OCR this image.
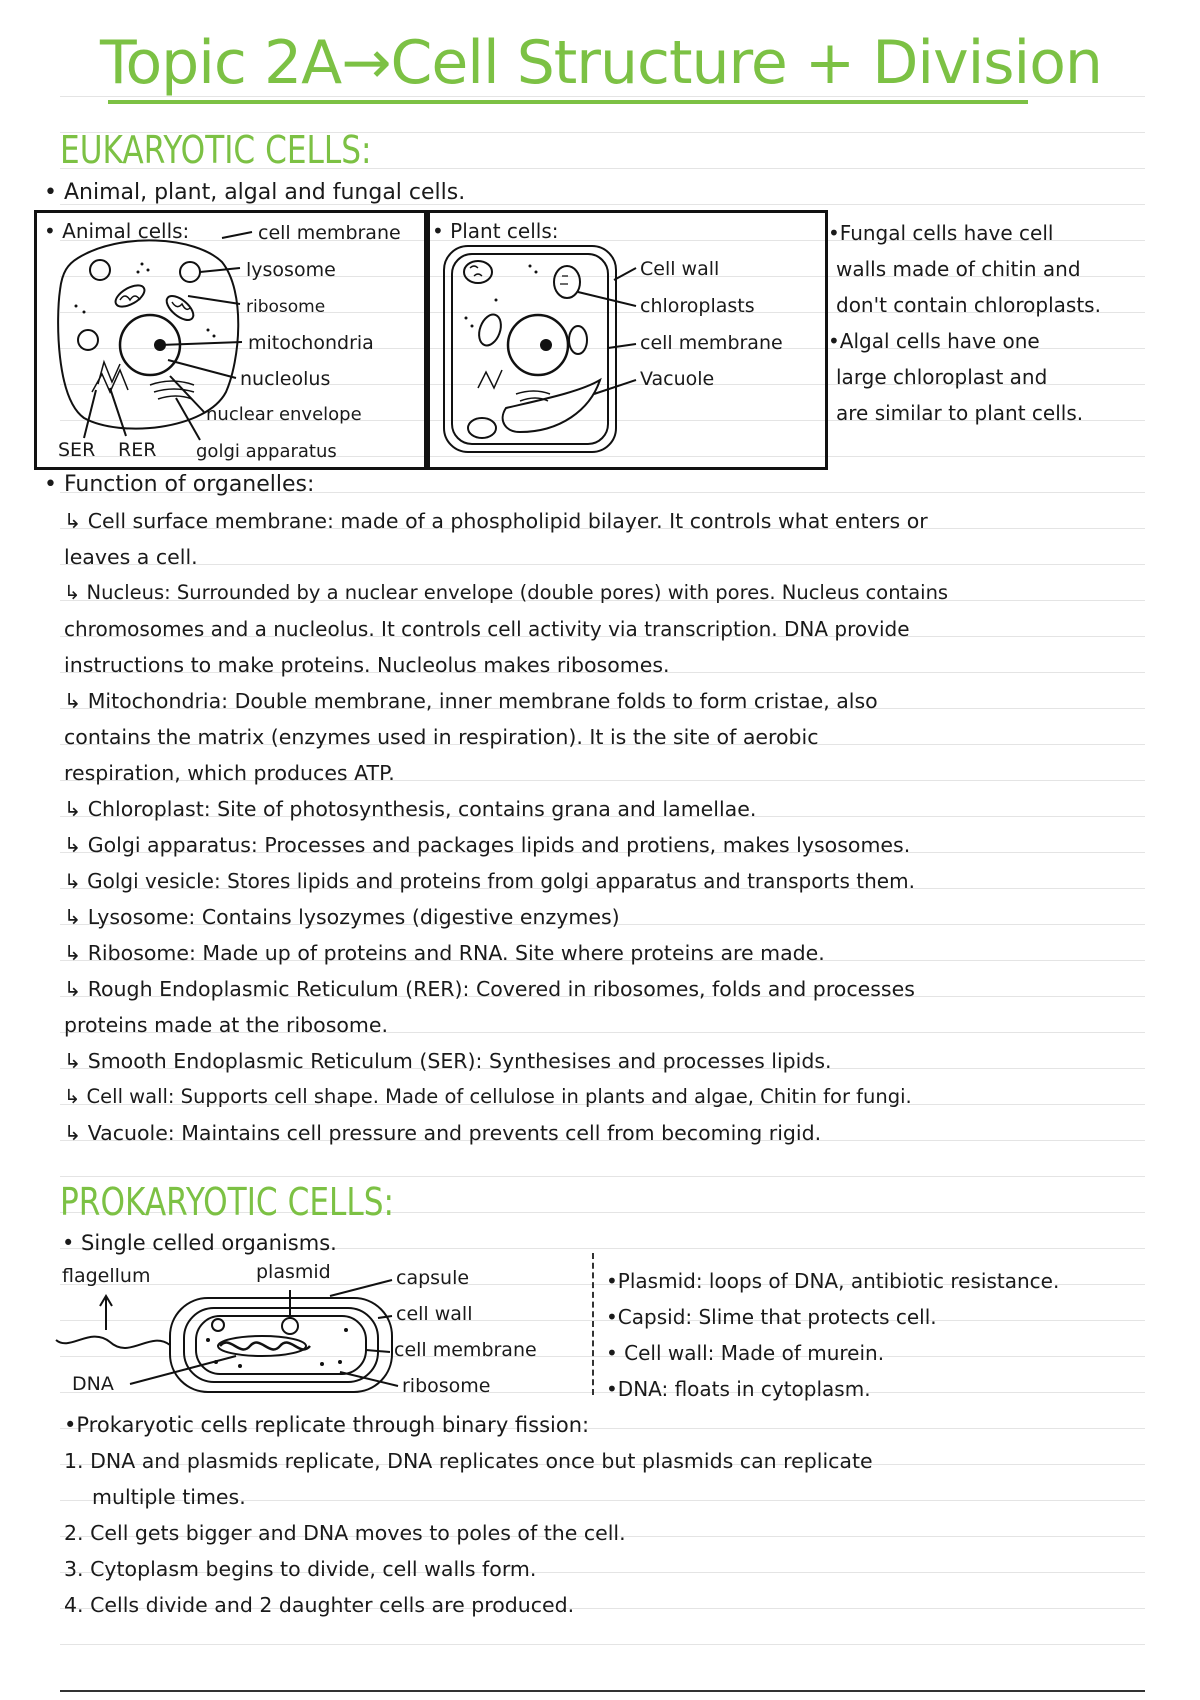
Topic 2A→Cell Structure + Division
EUKARYOTIC CELLS:
• Animal, plant, algal and fungal cells.
• Animal cells:	cell membrane
lysosome
ribosome
mitochondria
nucleolus
nuclear envelope
SER RER golgi apparatus
• Plant cells:
Cell wall
chloroplasts
cell membrane
Vacuole
•Fungal cells have cell
walls made of chitin and
don't contain chloroplasts.
•Algal cells have one
large chloroplast and
are similar to plant cells.
• Function of organelles:
↳ Cell surface membrane: made of a phospholipid bilayer. It controls what enters or
leaves a cell.
↳ Nucleus: Surrounded by a nuclear envelope (double pores) with pores. Nucleus contains
chromosomes and a nucleolus. It controls cell activity via transcription. DNA provide
instructions to make proteins. Nucleolus makes ribosomes.
↳ Mitochondria: Double membrane, inner membrane folds to form cristae, also
contains the matrix (enzymes used in respiration). It is the site of aerobic
respiration, which produces ATP.
↳ Chloroplast: Site of photosynthesis, contains grana and lamellae.
↳ Golgi apparatus: Processes and packages lipids and protiens, makes lysosomes.
↳ Golgi vesicle: Stores lipids and proteins from golgi apparatus and transports them.
↳ Lysosome: Contains lysozymes (digestive enzymes)
↳ Ribosome: Made up of proteins and RNA. Site where proteins are made.
↳ Rough Endoplasmic Reticulum (RER): Covered in ribosomes, folds and processes
proteins made at the ribosome.
↳ Smooth Endoplasmic Reticulum (SER): Synthesises and processes lipids.
↳ Cell wall: Supports cell shape. Made of cellulose in plants and algae, Chitin for fungi.
↳ Vacuole: Maintains cell pressure and prevents cell from becoming rigid.
PROKARYOTIC CELLS:
• Single celled organisms.
flagellum	plasmid	capsule
cell wall
cell membrane
ribosome
DNA
•Plasmid: loops of DNA, antibiotic resistance.
•Capsid: Slime that protects cell.
• Cell wall: Made of murein.
•DNA: floats in cytoplasm.
•Prokaryotic cells replicate through binary fission:
1. DNA and plasmids replicate, DNA replicates once but plasmids can replicate
multiple times.
2. Cell gets bigger and DNA moves to poles of the cell.
3. Cytoplasm begins to divide, cell walls form.
4. Cells divide and 2 daughter cells are produced.
